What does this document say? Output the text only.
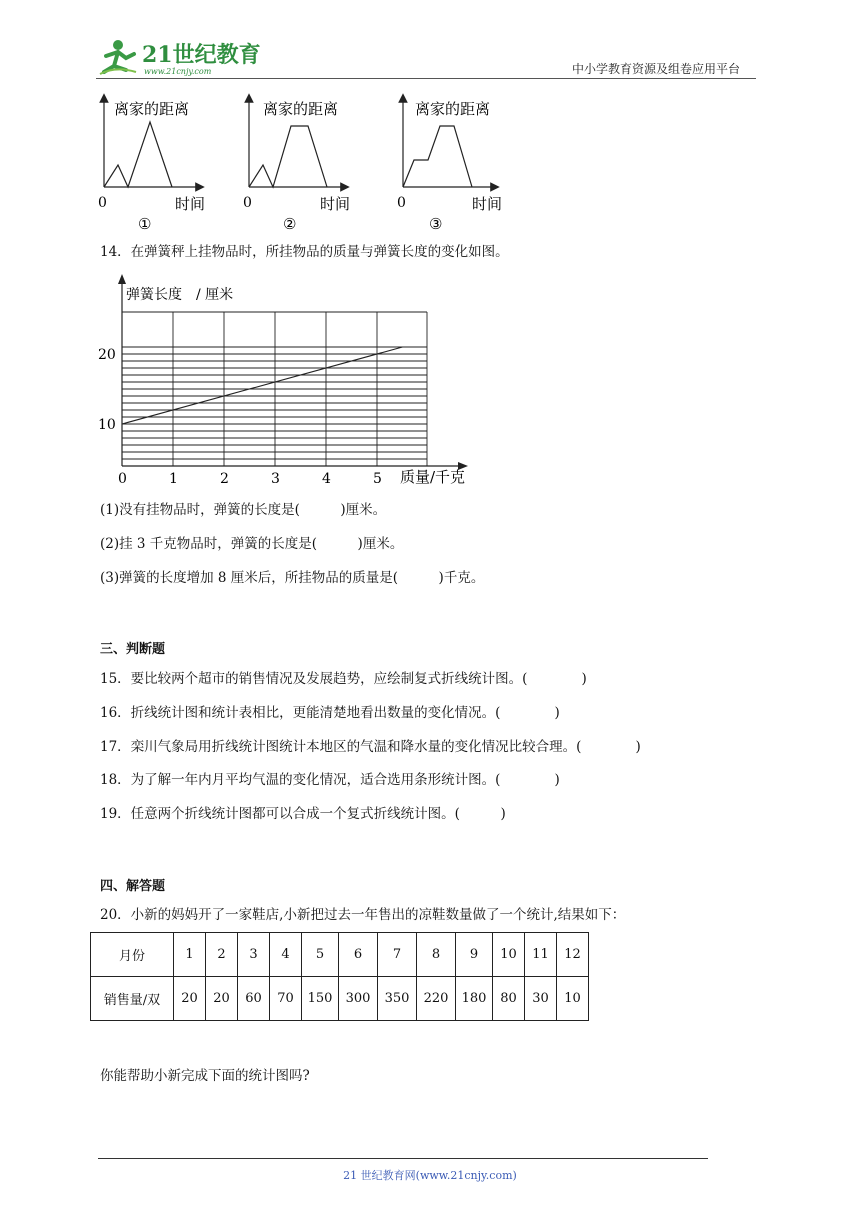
21世纪教育
www.21cnjy.com	中小学教育资源及组卷应用平台
离家的距离
0	时间
①
离家的距离
0	时间
②
离家的距离
0	时间
③
14．在弹簧秤上挂物品时，所挂物品的质量与弹簧长度的变化如图。
0	1	2	3	4	5
10
20
弹簧长度　/ 厘米
质量/千克
(1)没有挂物品时，弹簧的长度是(　　　)厘米。
(2)挂 3 千克物品时，弹簧的长度是(　　　)厘米。
(3)弹簧的长度增加 8 厘米后，所挂物品的质量是(　　　)千克。
三、判断题
15．要比较两个超市的销售情况及发展趋势，应绘制复式折线统计图。(　　　　)
16．折线统计图和统计表相比，更能清楚地看出数量的变化情况。(　　　　)
17．栾川气象局用折线统计图统计本地区的气温和降水量的变化情况比较合理。(　　　　)
18．为了解一年内月平均气温的变化情况，适合选用条形统计图。(　　　　)
19．任意两个折线统计图都可以合成一个复式折线统计图。(　　　)
四、解答题
20．小新的妈妈开了一家鞋店,小新把过去一年售出的凉鞋数量做了一个统计,结果如下：
月份	1	2	3	4	5	6	7	8	9	10	11	12
销售量/双	20	20	60	70	150	300	350	220	180	80	30	10
你能帮助小新完成下面的统计图吗?
21 世纪教育网(www.21cnjy.com)
